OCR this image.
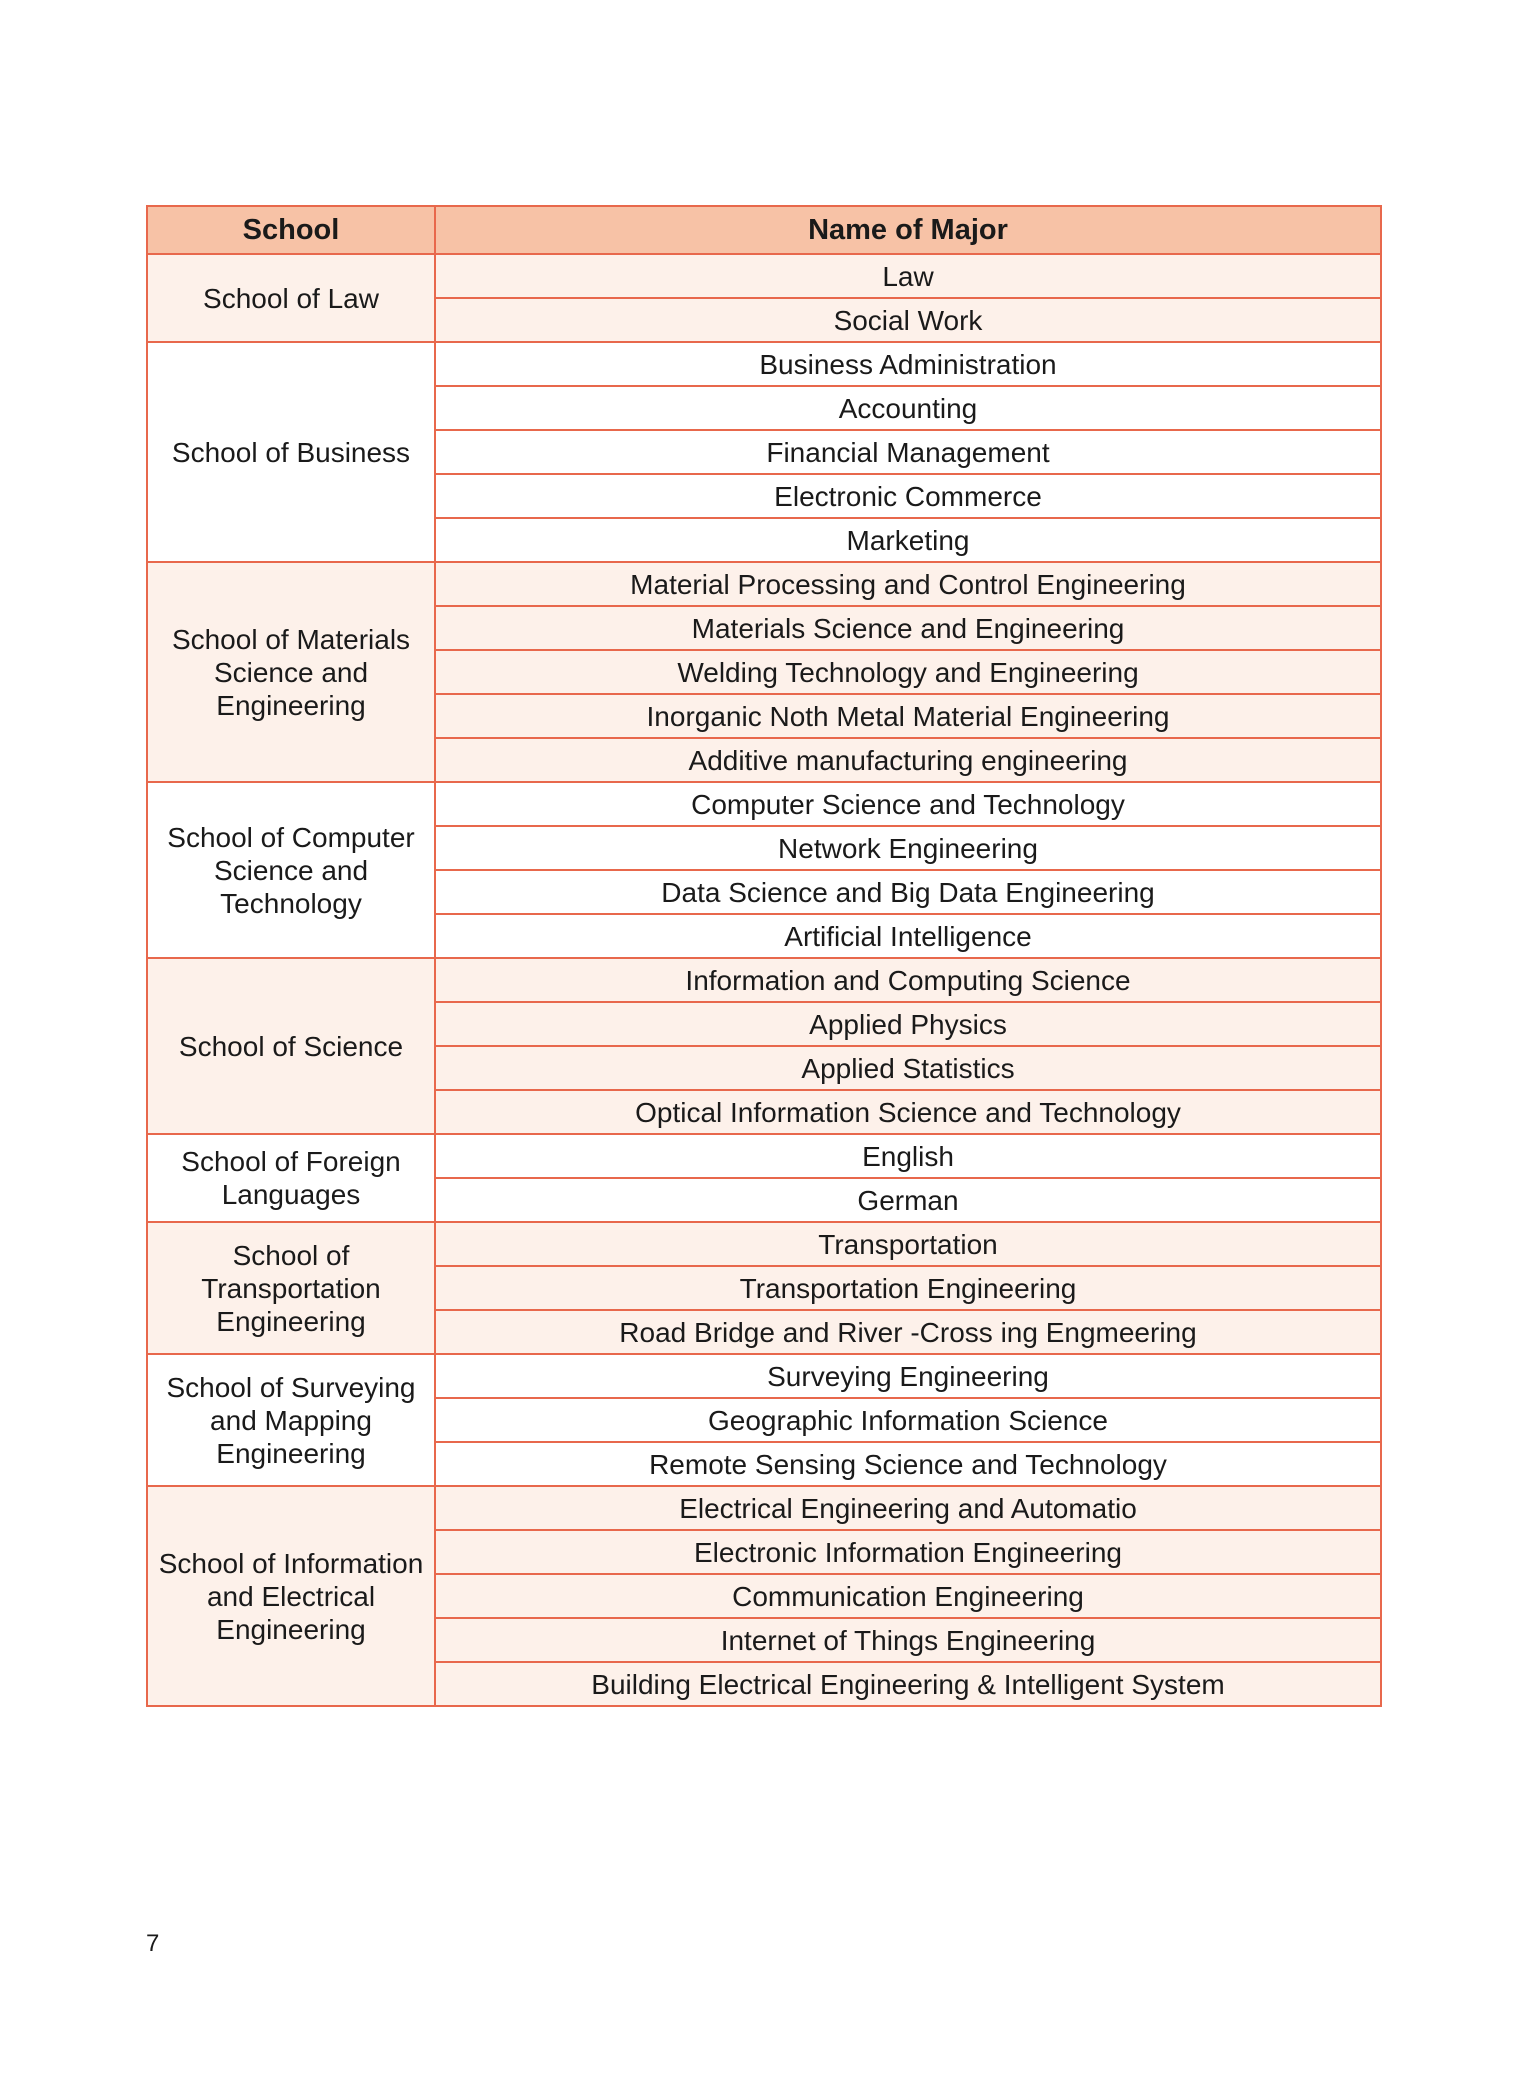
School	Name of Major
School of Law	Law
	Social Work
School of Business	Business Administration
	Accounting
	Financial Management
	Electronic Commerce
	Marketing
School of Materials Science and Engineering	Material Processing and Control Engineering
	Materials Science and Engineering
	Welding Technology and Engineering
	Inorganic Noth Metal Material Engineering
	Additive manufacturing engineering
School of Computer Science and Technology	Computer Science and Technology
	Network Engineering
	Data Science and Big Data Engineering
	Artificial Intelligence
School of Science	Information and Computing Science
	Applied Physics
	Applied Statistics
	Optical Information Science and Technology
School of Foreign Languages	English
	German
School of Transportation Engineering	Transportation
	Transportation Engineering
	Road Bridge and River -Cross ing Engmeering
School of Surveying and Mapping Engineering	Surveying Engineering
	Geographic Information Science
	Remote Sensing Science and Technology
School of Information and Electrical Engineering	Electrical Engineering and Automatio
	Electronic Information Engineering
	Communication Engineering
	Internet of Things Engineering
	Building Electrical Engineering & Intelligent System
7
